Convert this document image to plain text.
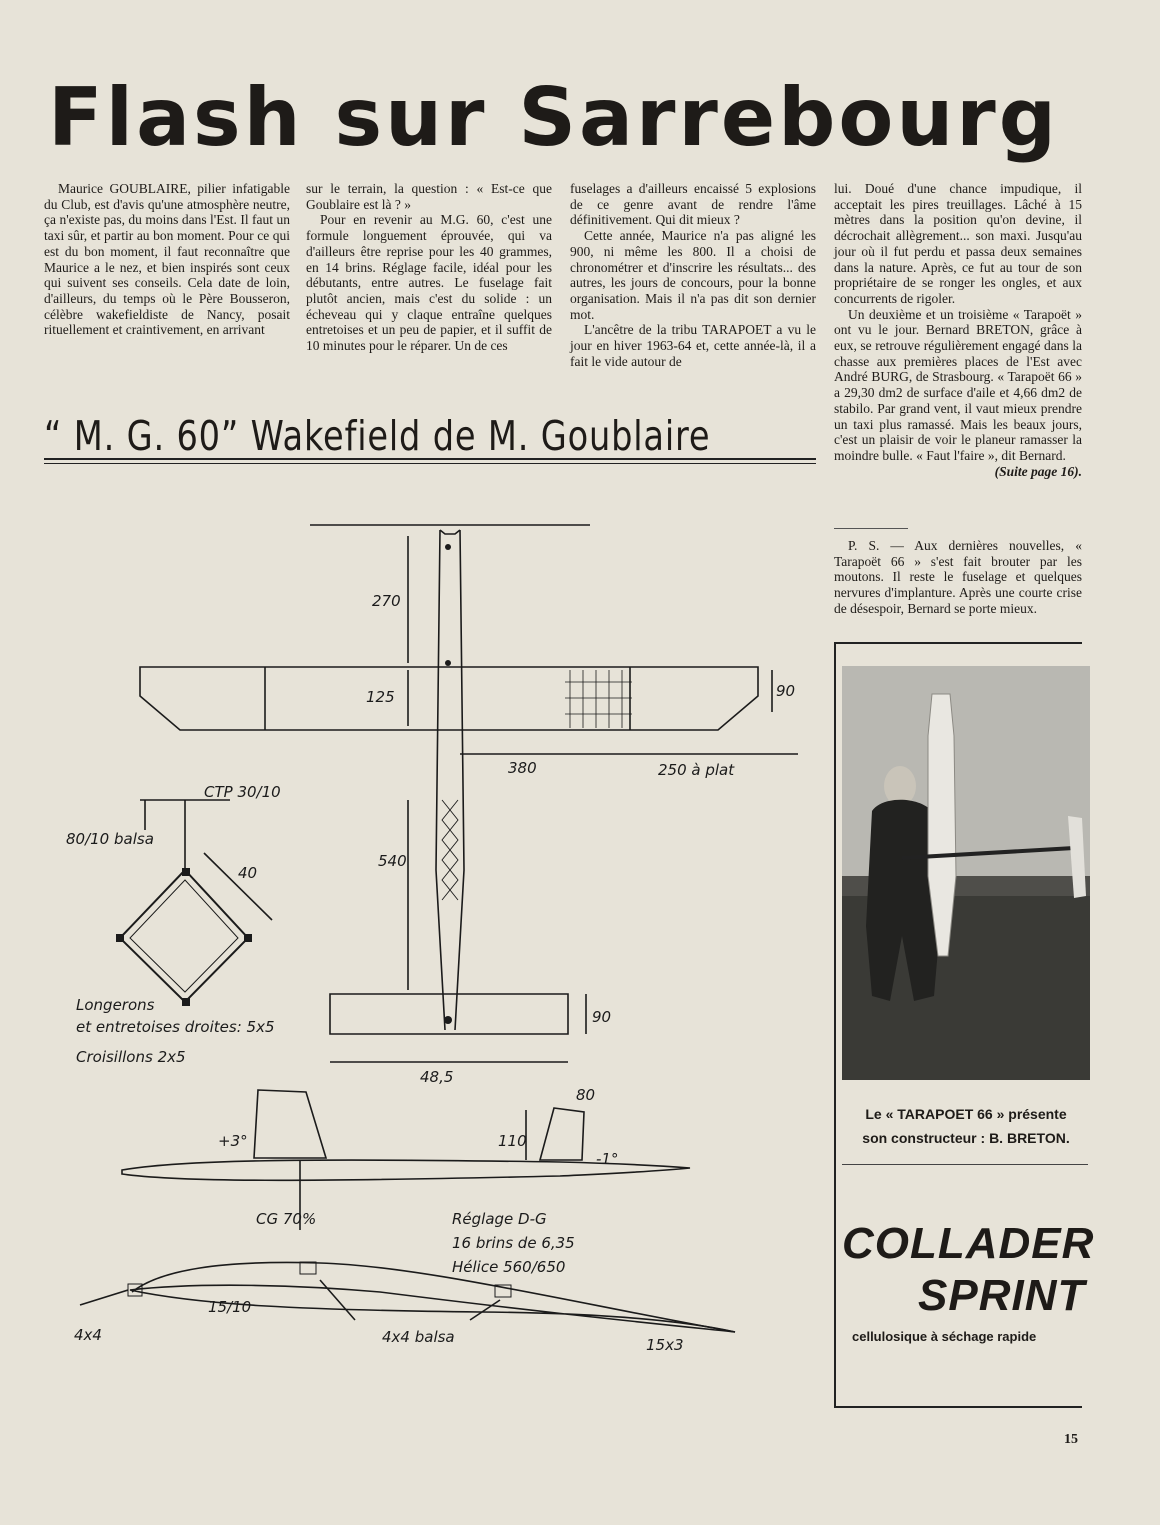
Flash sur Sarrebourg

Maurice GOUBLAIRE, pilier infatigable du Club, est d'avis qu'une atmosphère neutre, ça n'existe pas, du moins dans l'Est. Il faut un taxi sûr, et partir au bon moment. Pour ce qui est du bon moment, il faut reconnaître que Maurice a le nez, et bien inspirés sont ceux qui suivent ses conseils. Cela date de loin, d'ailleurs, du temps où le Père Bousseron, célèbre wakefieldiste de Nancy, posait rituellement et craintivement, en arrivant

sur le terrain, la question : « Est-ce que Goublaire est là ? »

Pour en revenir au M.G. 60, c'est une formule longuement éprouvée, qui va d'ailleurs être reprise pour les 40 grammes, en 14 brins. Réglage facile, idéal pour les débutants, entre autres. Le fuselage fait plutôt ancien, mais c'est du solide : un écheveau qui y claque entraîne quelques entretoises et un peu de papier, et il suffit de 10 minutes pour le réparer. Un de ces

fuselages a d'ailleurs encaissé 5 explosions de ce genre avant de rendre l'âme définitivement. Qui dit mieux ?

Cette année, Maurice n'a pas aligné les 900, ni même les 800. Il a choisi de chronométrer et d'inscrire les résultats... des autres, les jours de concours, pour la bonne organisation. Mais il n'a pas dit son dernier mot.

L'ancêtre de la tribu TARAPOET a vu le jour en hiver 1963-64 et, cette année-là, il a fait le vide autour de

lui. Doué d'une chance impudique, il acceptait les pires treuillages. Lâché à 15 mètres dans la position qu'on devine, il décrochait allègrement... son maxi. Jusqu'au jour où il fut perdu et passa deux semaines dans la nature. Après, ce fut au tour de son propriétaire de se ronger les ongles, et aux concurrents de rigoler.

Un deuxième et un troisième « Tarapoët » ont vu le jour. Bernard BRETON, grâce à eux, se retrouve régulièrement engagé dans la chasse aux premières places de l'Est avec André BURG, de Strasbourg. « Tarapoët 66 » a 29,30 dm2 de surface d'aile et 4,66 dm2 de stabilo. Par grand vent, il vaut mieux prendre un taxi plus ramassé. Mais les beaux jours, c'est un plaisir de voir le planeur ramasser la moindre bulle. « Faut l'faire », dit Bernard.

(Suite page 16).

P. S. — Aux dernières nouvelles, « Tarapoët 66 » s'est fait brouter par les moutons. Il reste le fuselage et quelques nervures d'implanture. Après une courte crise de désespoir, Bernard se porte mieux.

“ M. G. 60” Wakefield de M. Goublaire
270
125	90
380	250 à plat
540
90
48,5
CTP 30/10
80/10 balsa
40
110
80
+3°
-1°
CG 70%
15/10
4x4	4x4 balsa	15x3
Longerons
et entretoises droites: 5x5
Croisillons 2x5
Réglage D-G
16 brins de 6,35
Hélice 560/650
Le « TARAPOET 66 » présente
son constructeur : B. BRETON.
COLLADER
SPRINT
cellulosique à séchage rapide
15
